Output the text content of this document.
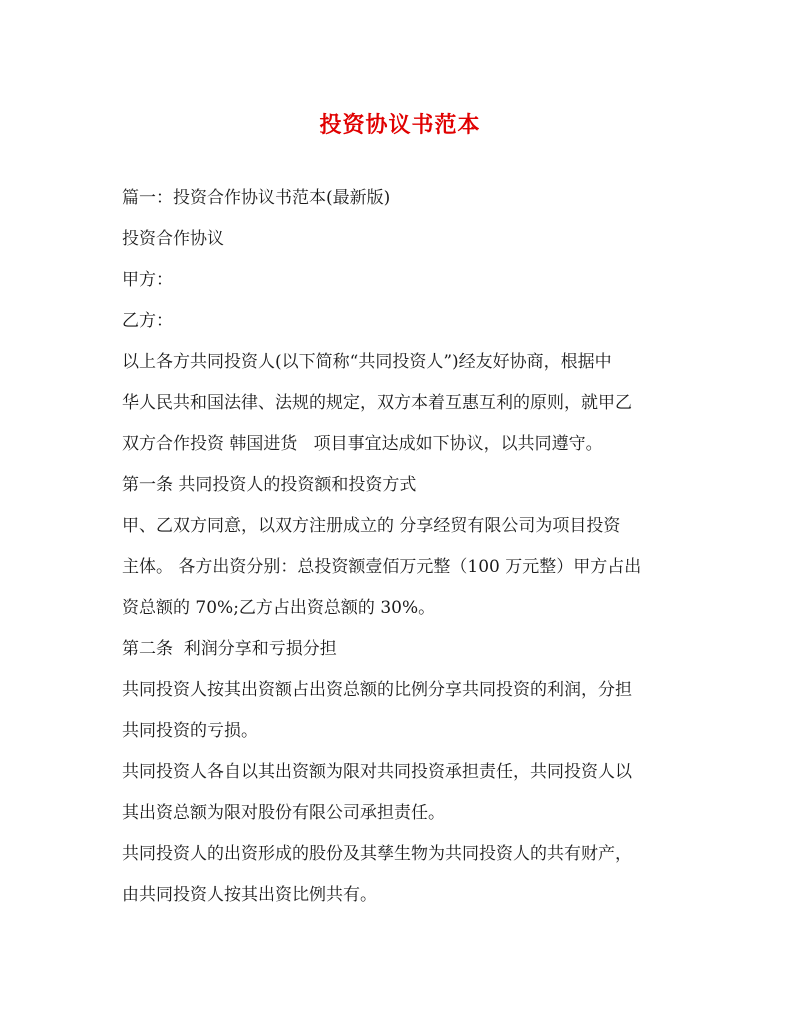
投资协议书范本
篇一：投资合作协议书范本(最新版)
投资合作协议
甲方：
乙方：
以上各方共同投资人(以下简称“共同投资人”)经友好协商，根据中
华人民共和国法律、法规的规定，双方本着互惠互利的原则，就甲乙
双方合作投资 韩国进货   项目事宜达成如下协议，以共同遵守。
第一条 共同投资人的投资额和投资方式
甲、乙双方同意，以双方注册成立的 分享经贸有限公司为项目投资
主体。 各方出资分别：总投资额壹佰万元整（100 万元整）甲方占出
资总额的 70%;乙方占出资总额的 30%。
第二条  利润分享和亏损分担
共同投资人按其出资额占出资总额的比例分享共同投资的利润，分担
共同投资的亏损。
共同投资人各自以其出资额为限对共同投资承担责任，共同投资人以
其出资总额为限对股份有限公司承担责任。
共同投资人的出资形成的股份及其孳生物为共同投资人的共有财产，
由共同投资人按其出资比例共有。
